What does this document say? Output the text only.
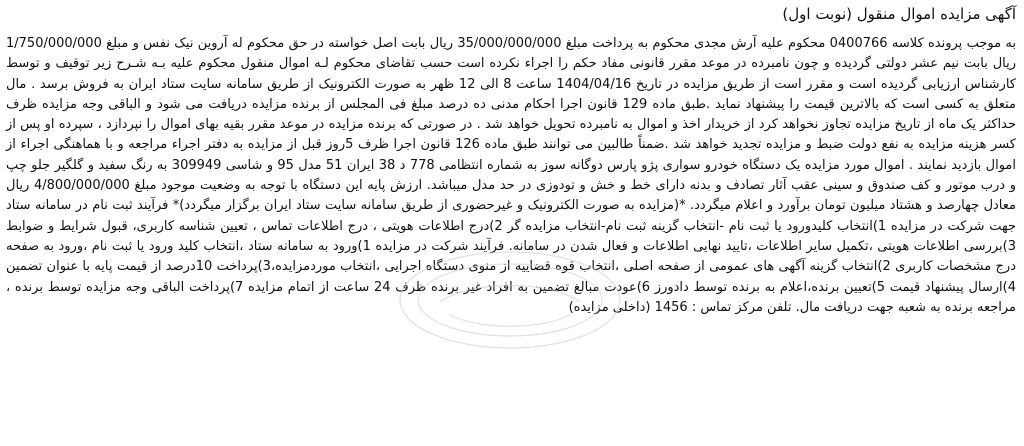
آگهی مزایده اموال منقول (نوبت اول)

به موجب پرونده کلاسه 0400766 محکوم علیه آرش مجدی محکوم به پرداخت مبلغ 35/000/000/000 ریال بابت اصل خواسته در حق محکوم له آروین نیک نفس و مبلغ 1/750/000/000 ریال بابت نیم عشر دولتی گردیده و چون نامبرده در موعد مقرر قانونی مفاد حکم را اجراء نکرده است حسب تقاضای محکوم لـه اموال منقول محکوم علیه بـه شـرح زیر توقیف و توسط کارشناس ارزیابی گردیده است و مقرر است از طریق مزایده در تاریخ 1404/04/16 ساعت 8 الی 12 ظهر به صورت الکترونیک از طریق سامانه سایت ستاد ایران به فروش برسد . مال متعلق به کسی است که بالاترین قیمت را پیشنهاد نماید .طبق ماده 129 قانون اجرا احکام مدنی ده درصد مبلغ فی المجلس از برنده مزایده دریافت می شود و الباقی وجه مزایده ظرف حداکثر یک ماه از تاریخ مزایده تجاوز نخواهد کرد از خریدار اخذ و اموال به نامبرده تحویل خواهد شد . در صورتی که برنده مزایده در موعد مقرر بقیه بهای اموال را نپردازد ، سپرده او پس از کسر هزینه مزایده به نفع دولت ضبط و مزایده تجدید خواهد شد .ضمناً طالبین می توانند طبق ماده 126 قانون اجرا ظرف 5روز قبل از مزایده به دفتر اجراء مراجعه و با هماهنگی اجراء از اموال بازدید نمایند . اموال مورد مزایده یک دستگاه خودرو سواری پژو پارس دوگانه سوز به شماره انتظامی 778 د 38 ایران 51 مدل 95 و شاسی 309949 به رنگ سفید و گلگیر جلو چپ و درب موتور و کف صندوق و سینی عقب آثار تصادف و بدنه دارای خط و خش و تودوزی در حد مدل میباشد. ارزش پایه این دستگاه با توجه به وضعیت موجود مبلغ 4/800/000/000 ریال معادل چهارصد و هشتاد میلیون تومان برآورد و اعلام میگردد. *(مزایده به صورت الکترونیک و غیرحضوری از طریق سامانه سایت ستاد ایران برگزار میگردد)* فرآیند ثبت نام در سامانه ستاد جهت شرکت در مزایده 1)انتخاب کلیدورود یا ثبت نام -انتخاب گزینه ثبت نام-انتخاب مزایده گر 2)درج اطلاعات هویتی ، درج اطلاعات تماس ، تعیین شناسه کاربری، قبول شرایط و ضوابط 3)بررسی اطلاعات هویتی ،تکمیل سایر اطلاعات ،تایید نهایی اطلاعات و فعال شدن در سامانه. فرآیند شرکت در مزایده 1)ورود به سامانه ستاد ،انتخاب کلید ورود یا ثبت نام ،ورود به صفحه درج مشخصات کاربری 2)انتخاب گزینه آگهی های عمومی از صفحه اصلی ،انتخاب قوه قضاییه از منوی دستگاه اجرایی ،انتخاب موردمزایده،3)پرداخت 10درصد از قیمت پایه با عنوان تضمین 4)ارسال پیشنهاد قیمت 5)تعیین برنده،اعلام به برنده توسط دادورز 6)عودت مبالغ تضمین به افراد غیر برنده ظرف 24 ساعت از اتمام مزایده 7)پرداخت الباقی وجه مزایده توسط برنده ، مراجعه برنده به شعبه جهت دریافت مال. تلفن مرکز تماس : 1456 (داخلی مزایده)
